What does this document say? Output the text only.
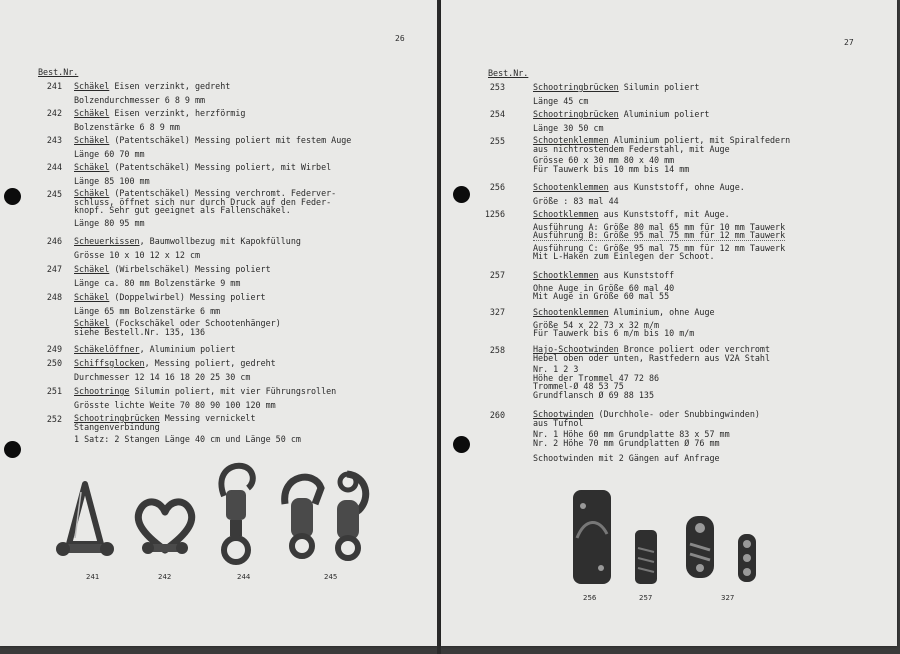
26
Best.Nr.
241 Schäkel Eisen verzinkt, gedreht
Bolzendurchmesser 6 8 9 mm
242 Schäkel Eisen verzinkt, herzförmig
Bolzenstärke 6 8 9 mm
243 Schäkel (Patentschäkel) Messing poliert mit festem Auge
Länge 60 70 mm
244 Schäkel (Patentschäkel) Messing poliert, mit Wirbel
Länge 85 100 mm
245 Schäkel (Patentschäkel) Messing verchromt. Federver-
schluss, öffnet sich nur durch Druck auf den Feder-
knopf. Sehr gut geeignet als Fallenschäkel.
Länge 80 95 mm
246 Scheuerkissen, Baumwollbezug mit Kapokfüllung
Grösse 10 x 10 12 x 12 cm
247 Schäkel (Wirbelschäkel) Messing poliert
Länge ca. 80 mm Bolzenstärke 9 mm
248 Schäkel (Doppelwirbel) Messing poliert
Länge 65 mm Bolzenstärke 6 mm
Schäkel (Fockschäkel oder Schootenhänger)
siehe Bestell.Nr. 135, 136
249 Schäkelöffner, Aluminium poliert
250 Schiffsglocken, Messing poliert, gedreht
Durchmesser 12 14 16 18 20 25 30 cm
251 Schootringe Silumin poliert, mit vier Führungsrollen
Grösste lichte Weite 70 80 90 100 120 mm
252 Schootringbrücken Messing vernickelt
Stangenverbindung
1 Satz: 2 Stangen Länge 40 cm und Länge 50 cm
241	242	244	245
27
Best.Nr.
253	Schootringbrücken Silumin poliert
Länge 45 cm
254	Schootringbrücken Aluminium poliert
Länge 30 50 cm
255	Schootenklemmen Aluminium poliert, mit Spiralfedern
aus nichtrostendem Federstahl, mit Auge
Grösse 60 x 30 mm 80 x 40 mm
Für Tauwerk bis 10 mm bis 14 mm
256	Schootenklemmen aus Kunststoff, ohne Auge.
Größe : 83 mal 44
1256	Schootklemmen aus Kunststoff, mit Auge.
Ausführung A: Größe 80 mal 65 mm für 10 mm Tauwerk
Ausführung B: Größe 95 mal 75 mm für 12 mm Tauwerk
Ausführung C: Größe 95 mal 75 mm für 12 mm Tauwerk
Mit L-Haken zum Einlegen der Schoot.
257	Schootklemmen aus Kunststoff
Ohne Auge in Größe 60 mal 40
Mit Auge in Größe 60 mal 55
327	Schootenklemmen Aluminium, ohne Auge
Größe 54 x 22 73 x 32 m/m
Für Tauwerk bis 6 m/m bis 10 m/m
258	Hajo-Schootwinden Bronce poliert oder verchromt
Hebel oben oder unten, Rastfedern aus V2A Stahl
Nr. 1 2 3
Höhe der Trommel 47 72 86
Trommel-Ø 48 53 75
Grundflansch Ø 69 88 135
260	Schootwinden (Durchhole- oder Snubbingwinden)
aus Tufnol
Nr. 1 Höhe 60 mm Grundplatte 83 x 57 mm
Nr. 2 Höhe 70 mm Grundplatten Ø 76 mm
Schootwinden mit 2 Gängen auf Anfrage
256	257	327
